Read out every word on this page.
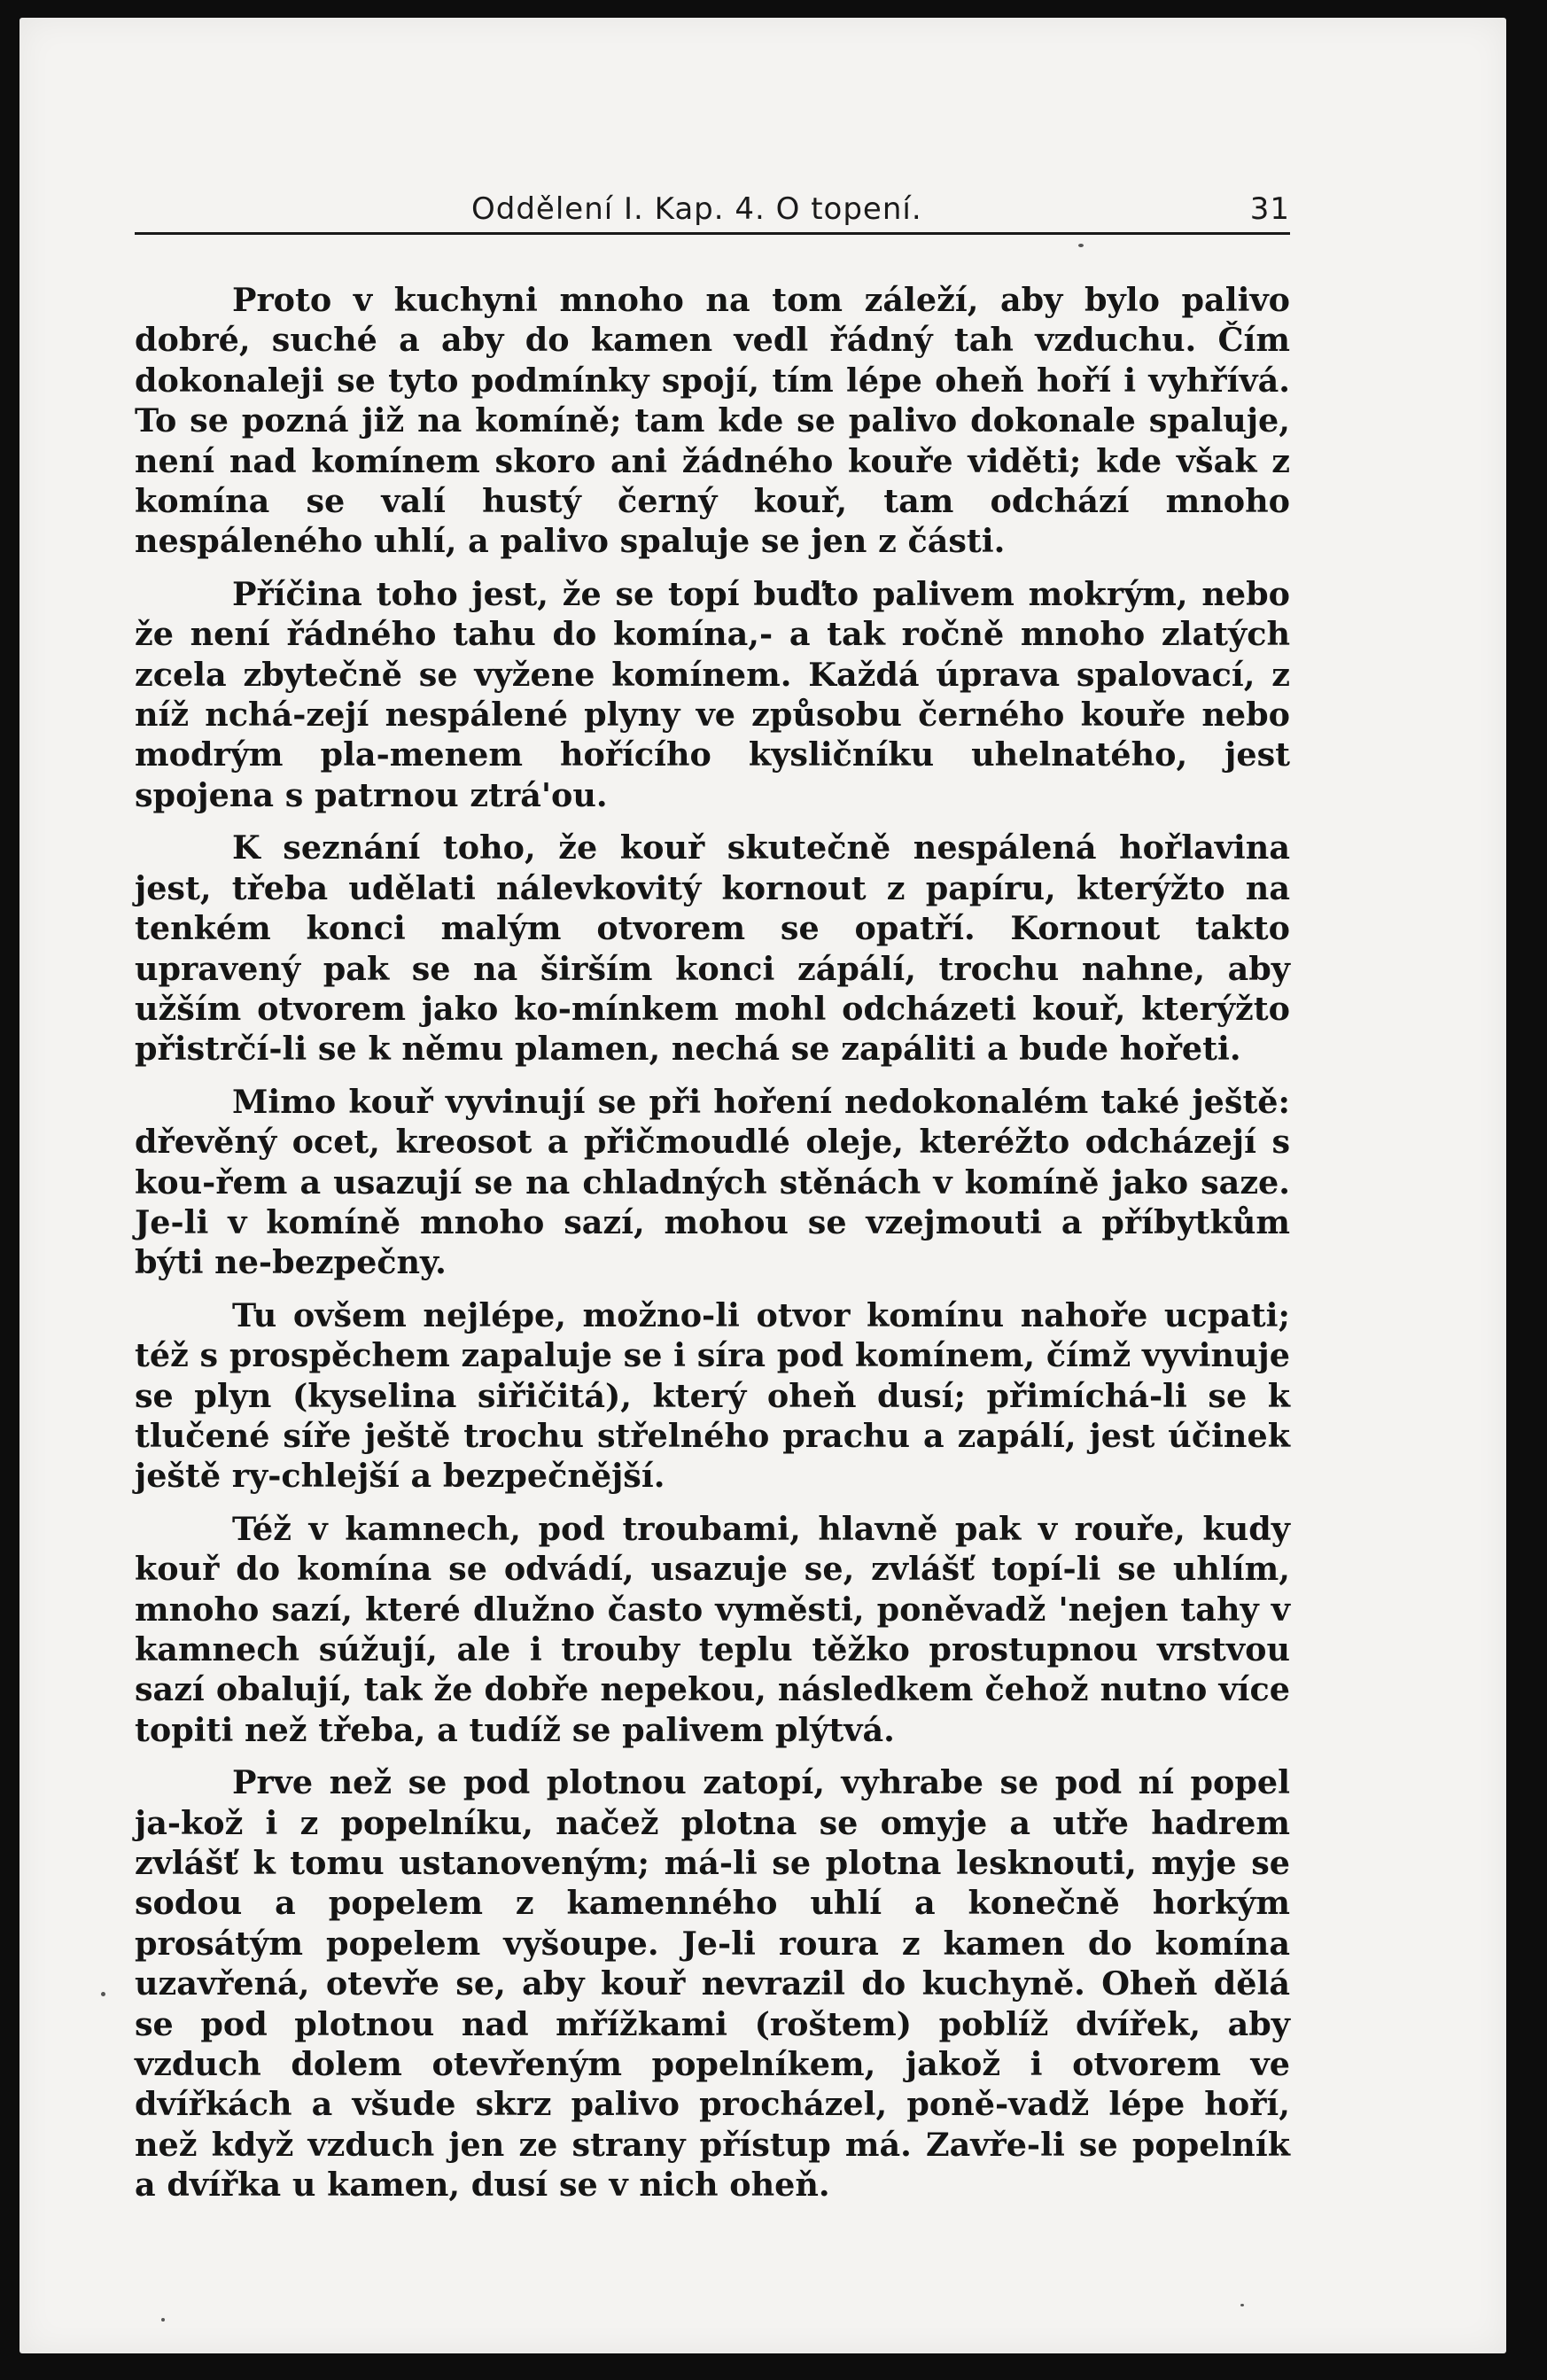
Oddělení I. Kap. 4. O topení.	31

Proto v kuchyni mnoho na tom záleží, aby bylo palivo dobré, suché a aby do kamen vedl řádný tah vzduchu. Čím dokonaleji se tyto podmínky spojí, tím lépe oheň hoří i vyhřívá. To se pozná již na komíně; tam kde se palivo dokonale spaluje, není nad komínem skoro ani žádného kouře viděti; kde však z komína se valí hustý černý kouř, tam odchází mnoho nespáleného uhlí, a palivo spaluje se jen z části.

Příčina toho jest, že se topí buďto palivem mokrým, nebo že není řádného tahu do komína,- a tak ročně mnoho zlatých zcela zbytečně se vyžene komínem. Každá úprava spalovací, z níž nchá-zejí nespálené plyny ve způsobu černého kouře nebo modrým pla-menem hořícího kysličníku uhelnatého, jest spojena s patrnou ztrá'ou.

K seznání toho, že kouř skutečně nespálená hořlavina jest, třeba udělati nálevkovitý kornout z papíru, kterýžto na tenkém konci malým otvorem se opatří. Kornout takto upravený pak se na širším konci zápálí, trochu nahne, aby užším otvorem jako ko-mínkem mohl odcházeti kouř, kterýžto přistrčí-li se k němu plamen, nechá se zapáliti a bude hořeti.

Mimo kouř vyvinují se při hoření nedokonalém také ještě: dřevěný ocet, kreosot a přičmoudlé oleje, kteréžto odcházejí s kou-řem a usazují se na chladných stěnách v komíně jako saze. Je-li v komíně mnoho sazí, mohou se vzejmouti a příbytkům býti ne-bezpečny.

Tu ovšem nejlépe, možno-li otvor komínu nahoře ucpati; též s prospěchem zapaluje se i síra pod komínem, čímž vyvinuje se plyn (kyselina siřičitá), který oheň dusí; přimíchá-li se k tlučené síře ještě trochu střelného prachu a zapálí, jest účinek ještě ry-chlejší a bezpečnější.

Též v kamnech, pod troubami, hlavně pak v rouře, kudy kouř do komína se odvádí, usazuje se, zvlášť topí-li se uhlím, mnoho sazí, které dlužno často vyměsti, poněvadž 'nejen tahy v kamnech súžují, ale i trouby teplu těžko prostupnou vrstvou sazí obalují, tak že dobře nepekou, následkem čehož nutno více topiti než třeba, a tudíž se palivem plýtvá.

Prve než se pod plotnou zatopí, vyhrabe se pod ní popel ja-kož i z popelníku, načež plotna se omyje a utře hadrem zvlášť k tomu ustanoveným; má-li se plotna lesknouti, myje se sodou a popelem z kamenného uhlí a konečně horkým prosátým popelem vyšoupe. Je-li roura z kamen do komína uzavřená, otevře se, aby kouř nevrazil do kuchyně. Oheň dělá se pod plotnou nad mřížkami (roštem) poblíž dvířek, aby vzduch dolem otevřeným popelníkem, jakož i otvorem ve dvířkách a všude skrz palivo procházel, poně-vadž lépe hoří, než když vzduch jen ze strany přístup má. Zavře-li se popelník a dvířka u kamen, dusí se v nich oheň.
